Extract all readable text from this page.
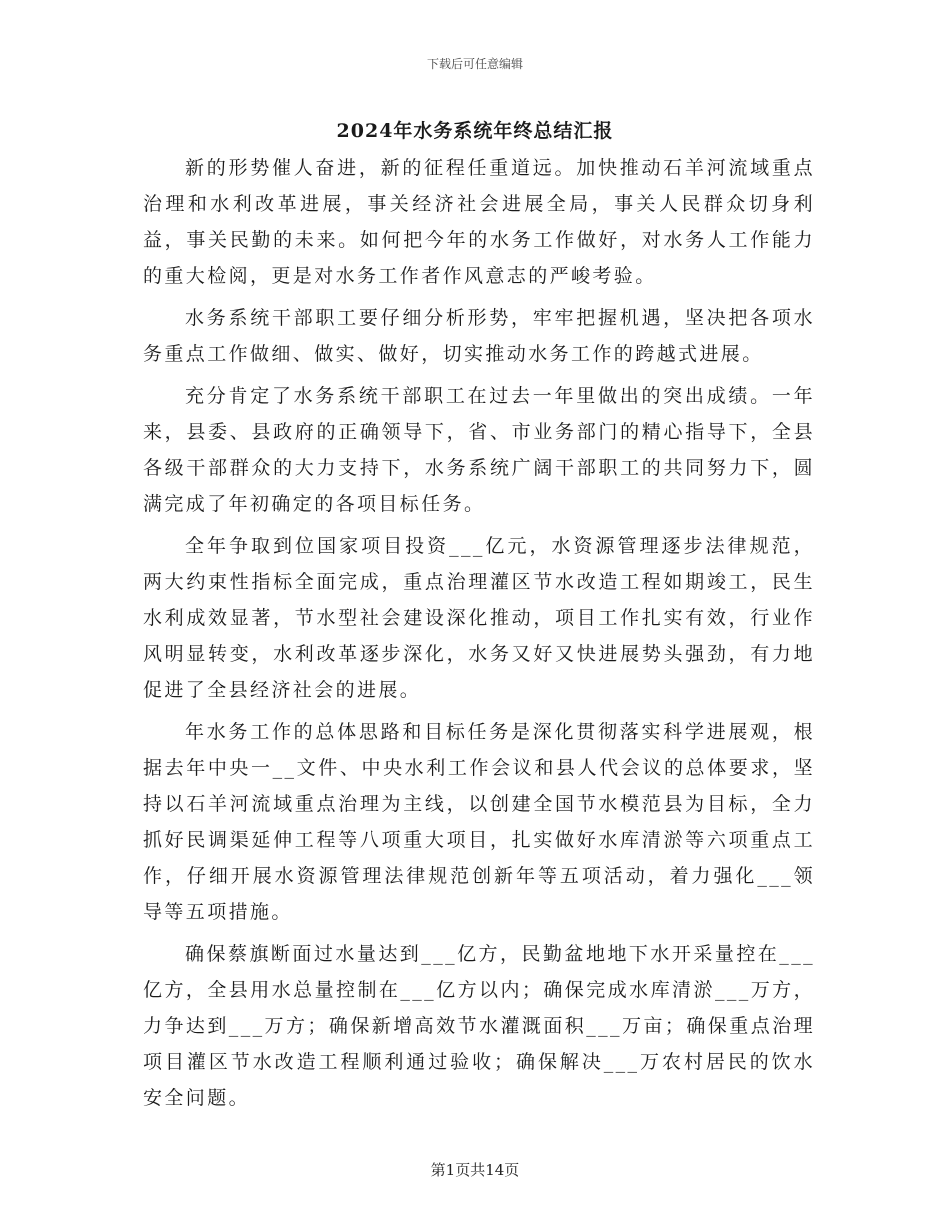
下载后可任意编辑
2024年水务系统年终总结汇报

新的形势催人奋进，新的征程任重道远。加快推动石羊河流域重点治理和水利改革进展，事关经济社会进展全局，事关人民群众切身利益，事关民勤的未来。如何把今年的水务工作做好，对水务人工作能力的重大检阅，更是对水务工作者作风意志的严峻考验。

水务系统干部职工要仔细分析形势，牢牢把握机遇，坚决把各项水务重点工作做细、做实、做好，切实推动水务工作的跨越式进展。

充分肯定了水务系统干部职工在过去一年里做出的突出成绩。一年来，县委、县政府的正确领导下，省、市业务部门的精心指导下，全县各级干部群众的大力支持下，水务系统广阔干部职工的共同努力下，圆满完成了年初确定的各项目标任务。

全年争取到位国家项目投资___亿元，水资源管理逐步法律规范，两大约束性指标全面完成，重点治理灌区节水改造工程如期竣工，民生水利成效显著，节水型社会建设深化推动，项目工作扎实有效，行业作风明显转变，水利改革逐步深化，水务又好又快进展势头强劲，有力地促进了全县经济社会的进展。

年水务工作的总体思路和目标任务是深化贯彻落实科学进展观，根据去年中央一__文件、中央水利工作会议和县人代会议的总体要求，坚持以石羊河流域重点治理为主线，以创建全国节水模范县为目标，全力抓好民调渠延伸工程等八项重大项目，扎实做好水库清淤等六项重点工作，仔细开展水资源管理法律规范创新年等五项活动，着力强化___领导等五项措施。

确保蔡旗断面过水量达到___亿方，民勤盆地地下水开采量控在___亿方，全县用水总量控制在___亿方以内；确保完成水库清淤___万方，力争达到___万方；确保新增高效节水灌溉面积___万亩；确保重点治理项目灌区节水改造工程顺利通过验收；确保解决___万农村居民的饮水安全问题。

第1页共14页
